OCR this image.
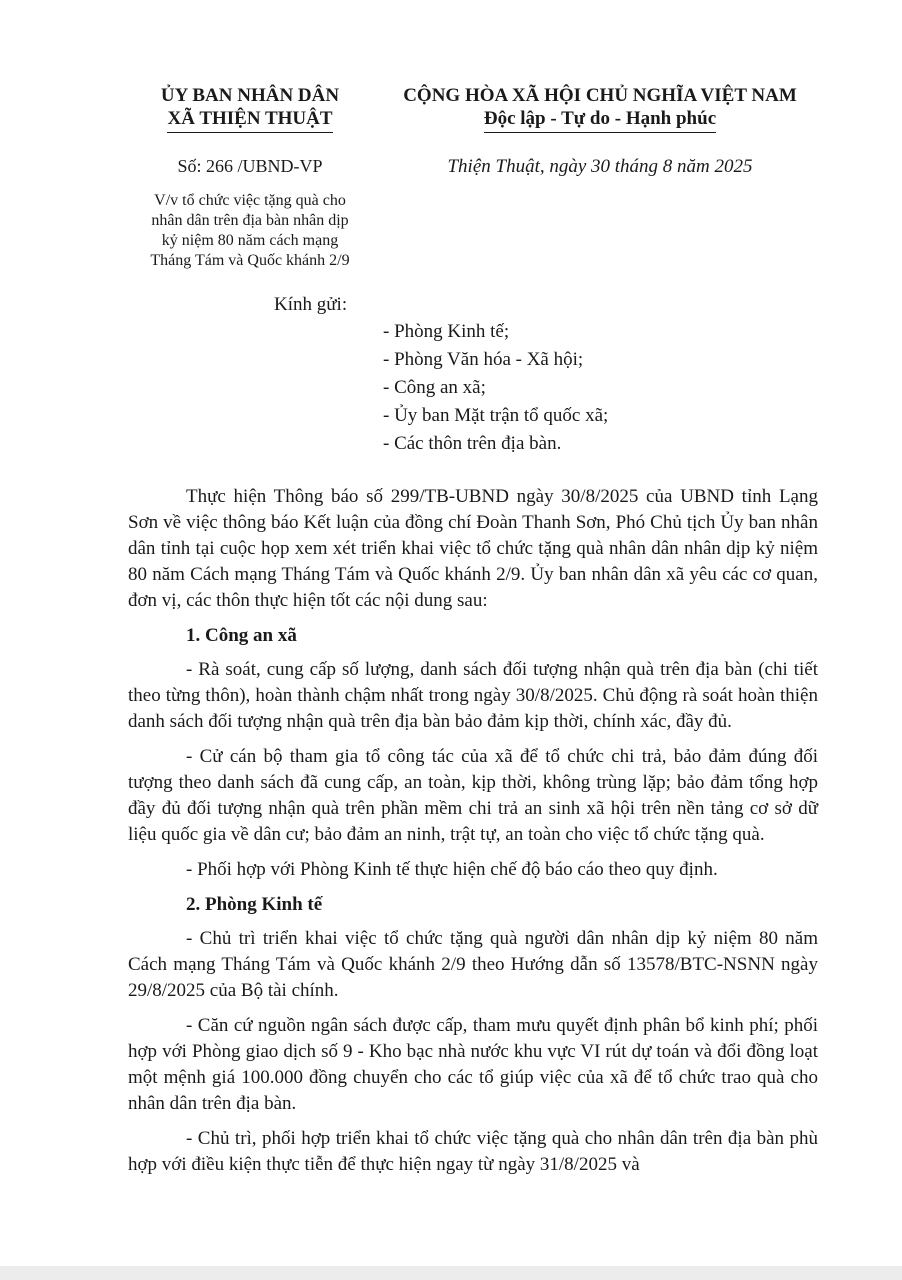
ỦY BAN NHÂN DÂN
XÃ THIỆN THUẬT
CỘNG HÒA XÃ HỘI CHỦ NGHĨA VIỆT NAM
Độc lập - Tự do - Hạnh phúc
Số: 266 /UBND-VP	Thiện Thuật, ngày 30 tháng 8 năm 2025
V/v tổ chức việc tặng quà cho
nhân dân trên địa bàn nhân dịp
kỷ niệm 80 năm cách mạng
Tháng Tám và Quốc khánh 2/9
Kính gửi:
- Phòng Kinh tế;
- Phòng Văn hóa - Xã hội;
- Công an xã;
- Ủy ban Mặt trận tổ quốc xã;
- Các thôn trên địa bàn.

Thực hiện Thông báo số 299/TB-UBND ngày 30/8/2025 của UBND tỉnh Lạng Sơn về việc thông báo Kết luận của đồng chí Đoàn Thanh Sơn, Phó Chủ tịch Ủy ban nhân dân tỉnh tại cuộc họp xem xét triển khai việc tổ chức tặng quà nhân dân nhân dịp kỷ niệm 80 năm Cách mạng Tháng Tám và Quốc khánh 2/9. Ủy ban nhân dân xã yêu các cơ quan, đơn vị, các thôn thực hiện tốt các nội dung sau:

1. Công an xã

- Rà soát, cung cấp số lượng, danh sách đối tượng nhận quà trên địa bàn (chi tiết theo từng thôn), hoàn thành chậm nhất trong ngày 30/8/2025. Chủ động rà soát hoàn thiện danh sách đối tượng nhận quà trên địa bàn bảo đảm kịp thời, chính xác, đầy đủ.

- Cử cán bộ tham gia tổ công tác của xã để tổ chức chi trả, bảo đảm đúng đối tượng theo danh sách đã cung cấp, an toàn, kịp thời, không trùng lặp; bảo đảm tổng hợp đầy đủ đối tượng nhận quà trên phần mềm chi trả an sinh xã hội trên nền tảng cơ sở dữ liệu quốc gia về dân cư; bảo đảm an ninh, trật tự, an toàn cho việc tổ chức tặng quà.

- Phối hợp với Phòng Kinh tế thực hiện chế độ báo cáo theo quy định.

2. Phòng Kinh tế

- Chủ trì triển khai việc tổ chức tặng quà người dân nhân dịp kỷ niệm 80 năm Cách mạng Tháng Tám và Quốc khánh 2/9 theo Hướng dẫn số 13578/BTC-NSNN ngày 29/8/2025 của Bộ tài chính.

- Căn cứ nguồn ngân sách được cấp, tham mưu quyết định phân bổ kinh phí; phối hợp với Phòng giao dịch số 9 - Kho bạc nhà nước khu vực VI rút dự toán và đổi đồng loạt một mệnh giá 100.000 đồng chuyển cho các tổ giúp việc của xã để tổ chức trao quà cho nhân dân trên địa bàn.

- Chủ trì, phối hợp triển khai tổ chức việc tặng quà cho nhân dân trên địa bàn phù hợp với điều kiện thực tiễn để thực hiện ngay từ ngày 31/8/2025 và
